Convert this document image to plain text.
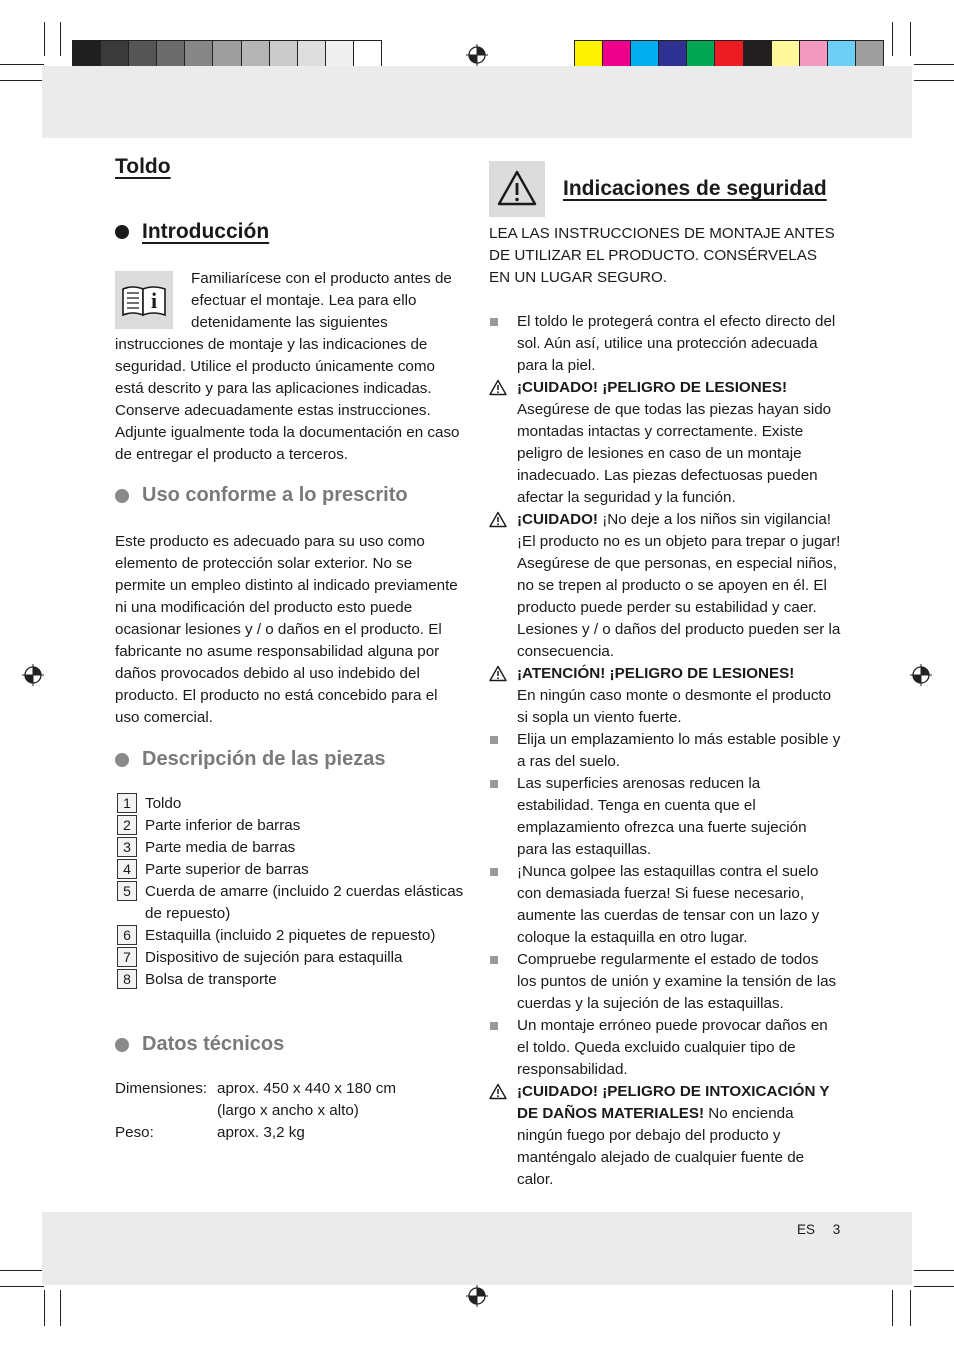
Toldo
Introducción
i
Familiarícese con el producto antes de efectuar el montaje. Lea para ello detenidamente las siguientes instrucciones de montaje y las indicaciones de seguridad. Utilice el producto únicamente como está descrito y para las aplicaciones indicadas. Conserve adecuadamente estas instrucciones. Adjunte igualmente toda la documentación en caso de entregar el producto a terceros.
Uso conforme a lo prescrito
Este producto es adecuado para su uso como elemento de protección solar exterior. No se permite un empleo distinto al indicado previamente ni una modificación del producto esto puede ocasionar lesiones y / o daños en el producto. El fabricante no asume responsabilidad alguna por daños provocados debido al uso indebido del producto. El producto no está concebido para el uso comercial.
Descripción de las piezas
1 Toldo
2 Parte inferior de barras
3 Parte media de barras
4 Parte superior de barras
5 Cuerda de amarre (incluido 2 cuerdas elásticas de repuesto)
6 Estaquilla (incluido 2 piquetes de repuesto)
7 Dispositivo de sujeción para estaquilla
8 Bolsa de transporte
Datos técnicos
Dimensiones:	aprox. 450 x 440 x 180 cm
	(largo x ancho x alto)
Peso:	aprox. 3,2 kg
Indicaciones de seguridad
LEA LAS INSTRUCCIONES DE MONTAJE ANTES DE UTILIZAR EL PRODUCTO. CONSÉRVELAS EN UN LUGAR SEGURO.
El toldo le protegerá contra el efecto directo del sol. Aún así, utilice una protección adecuada para la piel.
¡CUIDADO! ¡PELIGRO DE LESIONES!
Asegúrese de que todas las piezas hayan sido montadas intactas y correctamente. Existe peligro de lesiones en caso de un montaje inadecuado. Las piezas defectuosas pueden afectar la seguridad y la función.
¡CUIDADO! ¡No deje a los niños sin vigilancia! ¡El producto no es un objeto para trepar o jugar! Asegúrese de que personas, en especial niños, no se trepen al producto o se apoyen en él. El producto puede perder su estabilidad y caer. Lesiones y / o daños del producto pueden ser la consecuencia.
¡ATENCIÓN! ¡PELIGRO DE LESIONES!
En ningún caso monte o desmonte el producto si sopla un viento fuerte.
Elija un emplazamiento lo más estable posible y a ras del suelo.
Las superficies arenosas reducen la estabilidad. Tenga en cuenta que el emplazamiento ofrezca una fuerte sujeción para las estaquillas.
¡Nunca golpee las estaquillas contra el suelo con demasiada fuerza! Si fuese necesario, aumente las cuerdas de tensar con un lazo y coloque la estaquilla en otro lugar.
Compruebe regularmente el estado de todos los puntos de unión y examine la tensión de las cuerdas y la sujeción de las estaquillas.
Un montaje erróneo puede provocar daños en el toldo. Queda excluido cualquier tipo de responsabilidad.
¡CUIDADO! ¡PELIGRO DE INTOXICACIÓN Y DE DAÑOS MATERIALES! No encienda ningún fuego por debajo del producto y manténgalo alejado de cualquier fuente de calor.
ES 3
